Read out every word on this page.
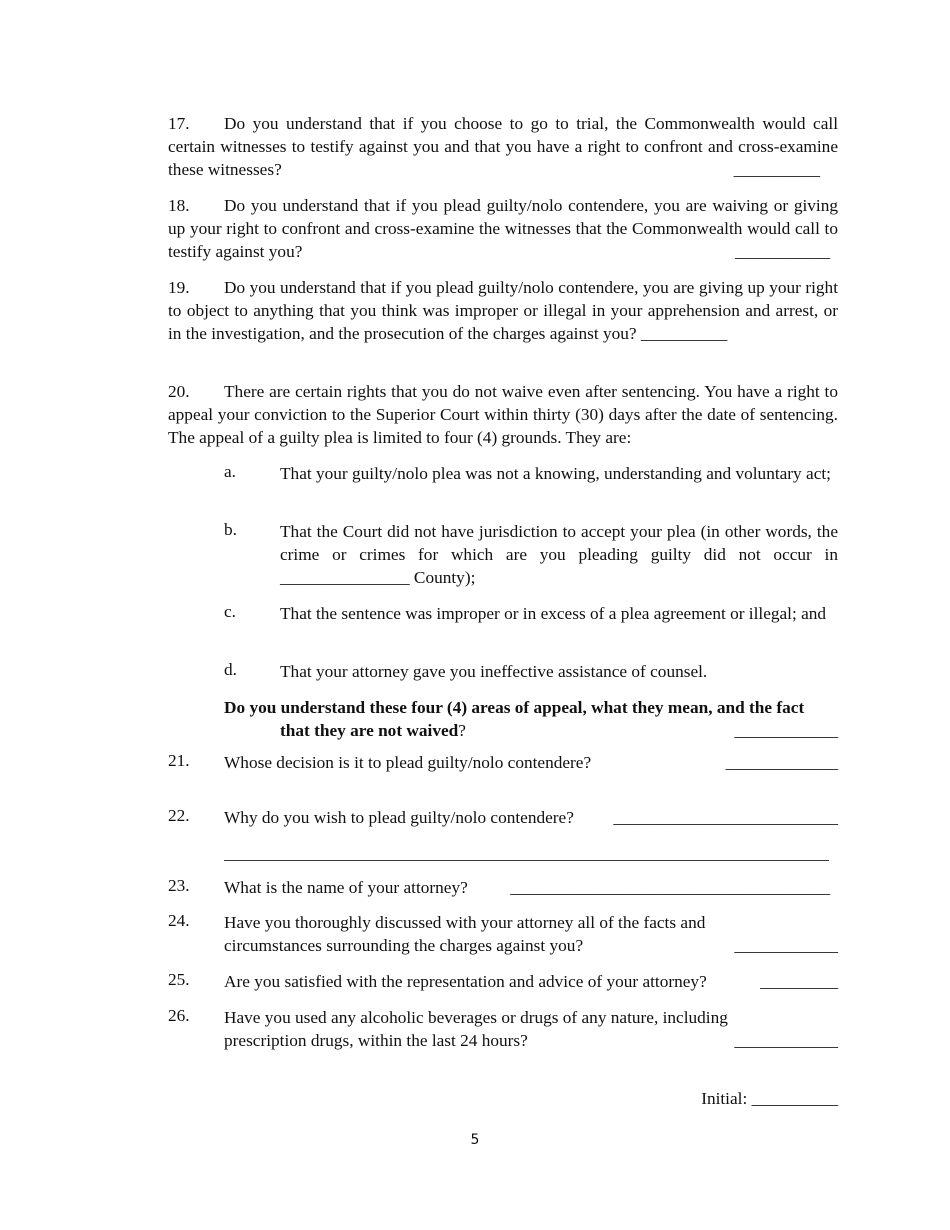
17. Do you understand that if you choose to go to trial, the Commonwealth would call certain witnesses to testify against you and that you have a right to confront and cross-examine these witnesses?	__________
18. Do you understand that if you plead guilty/nolo contendere, you are waiving or giving up your right to confront and cross-examine the witnesses that the Commonwealth would call to testify against you?	___________
19. Do you understand that if you plead guilty/nolo contendere, you are giving up your right to object to anything that you think was improper or illegal in your apprehension and arrest, or in the investigation, and the prosecution of the charges against you? __________
20. There are certain rights that you do not waive even after sentencing. You have a right to appeal your conviction to the Superior Court within thirty (30) days after the date of sentencing. The appeal of a guilty plea is limited to four (4) grounds. They are:
a.	That your guilty/nolo plea was not a knowing, understanding and voluntary act;
b. That the Court did not have jurisdiction to accept your plea (in other words, the crime or crimes for which are you pleading guilty did not occur in _______________ County);
c.	That the sentence was improper or in excess of a plea agreement or illegal; and
d. That your attorney gave you ineffective assistance of counsel.
Do you understand these four (4) areas of appeal, what they mean, and the fact
that they are not waived?	____________
21. Whose decision is it to plead guilty/nolo contendere?	_____________
22. Why do you wish to plead guilty/nolo contendere? __________________________
______________________________________________________________________
23. What is the name of your attorney? _____________________________________
24. Have you thoroughly discussed with your attorney all of the facts and
circumstances surrounding the charges against you?	____________
25. Are you satisfied with the representation and advice of your attorney?	_________
26. Have you used any alcoholic beverages or drugs of any nature, including
prescription drugs, within the last 24 hours?	____________
Initial: __________
5
